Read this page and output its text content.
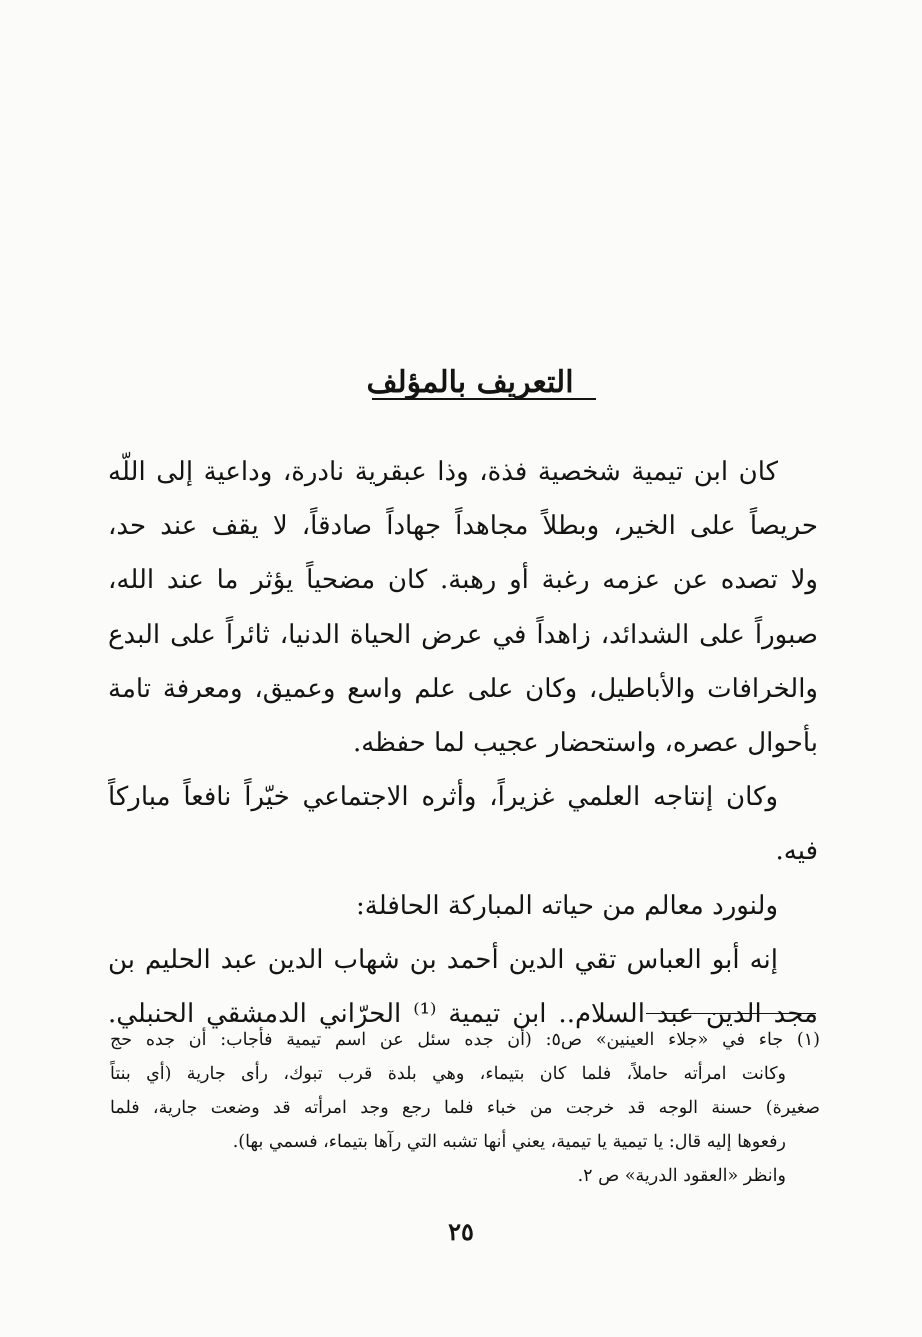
التعريف بالمؤلف
كان ابن تيمية شخصية فذة، وذا عبقرية نادرة، وداعية إلى اللّه
حريصاً على الخير، وبطلاً مجاهداً جهاداً صادقاً، لا يقف عند حد،
ولا تصده عن عزمه رغبة أو رهبة. كان مضحياً يؤثر ما عند الله،
صبوراً على الشدائد، زاهداً في عرض الحياة الدنيا، ثائراً على البدع
والخرافات والأباطيل، وكان على علم واسع وعميق، ومعرفة تامة
بأحوال عصره، واستحضار عجيب لما حفظه.
وكان إنتاجه العلمي غزيراً، وأثره الاجتماعي خيّراً نافعاً مباركاً
فيه.
ولنورد معالم من حياته المباركة الحافلة:
إنه أبو العباس تقي الدين أحمد بن شهاب الدين عبد الحليم بن
مجد الدين عبد السلام.. ابن تيمية ⁽¹⁾ الحرّاني الدمشقي الحنبلي.
(١) جاء في «جلاء العينين» ص٥: (أن جده سئل عن اسم تيمية فأجاب: أن جده حج
وكانت امرأته حاملاً، فلما كان بتيماء، وهي بلدة قرب تبوك، رأى جارية (أي بنتاً
صغيرة) حسنة الوجه قد خرجت من خباء فلما رجع وجد امرأته قد وضعت جارية، فلما
رفعوها إليه قال: يا تيمية يا تيمية، يعني أنها تشبه التي رآها بتيماء، فسمي بها).
وانظر «العقود الدرية» ص ٢.
٢٥
